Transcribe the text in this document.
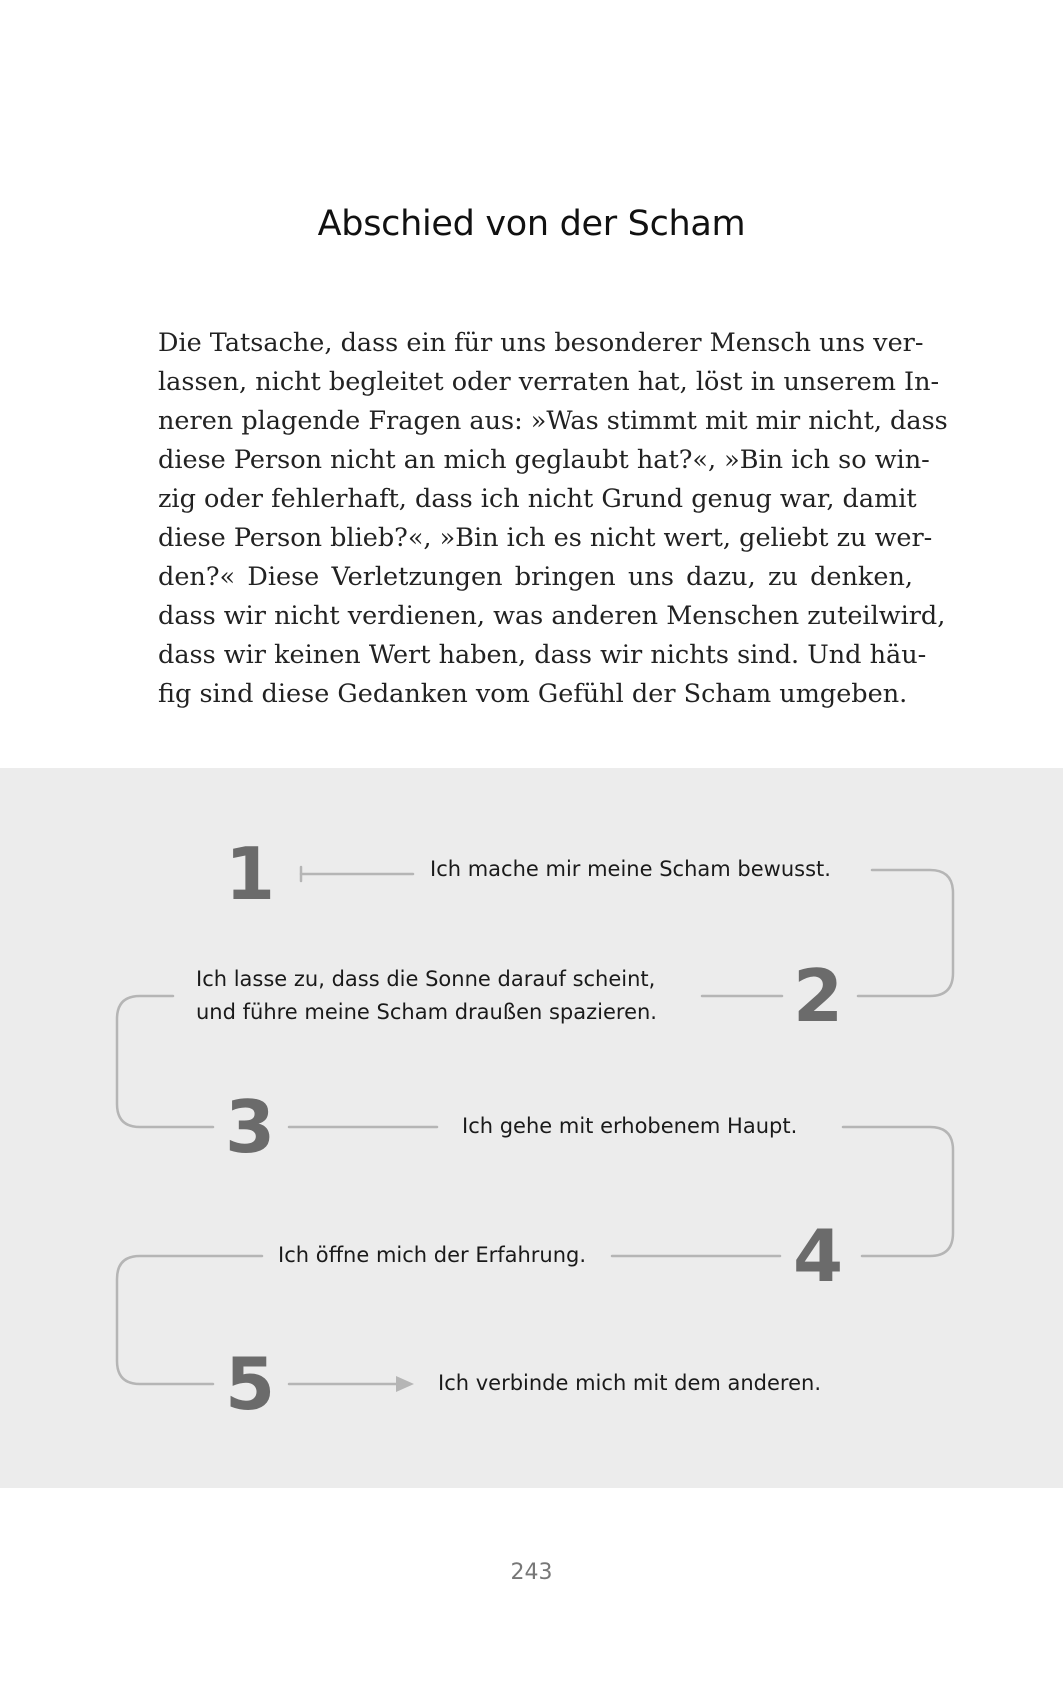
Abschied von der Scham
Die Tatsache, dass ein für uns besonderer Mensch uns ver-
lassen, nicht begleitet oder verraten hat, löst in unserem In-
neren plagende Fragen aus: »Was stimmt mit mir nicht, dass
diese Person nicht an mich geglaubt hat?«, »Bin ich so win-
zig oder fehlerhaft, dass ich nicht Grund genug war, damit
diese Person blieb?«, »Bin ich es nicht wert, geliebt zu wer-
den?« Diese Verletzungen bringen uns dazu, zu denken,
dass wir nicht verdienen, was anderen Menschen zuteilwird,
dass wir keinen Wert haben, dass wir nichts sind. Und häu-
fig sind diese Gedanken vom Gefühl der Scham umgeben.
1	Ich mache mir meine Scham bewusst.
2
Ich lasse zu, dass die Sonne darauf scheint,
und führe meine Scham draußen spazieren.
3	Ich gehe mit erhobenem Haupt.
4
Ich öffne mich der Erfahrung.
5	Ich verbinde mich mit dem anderen.
243
